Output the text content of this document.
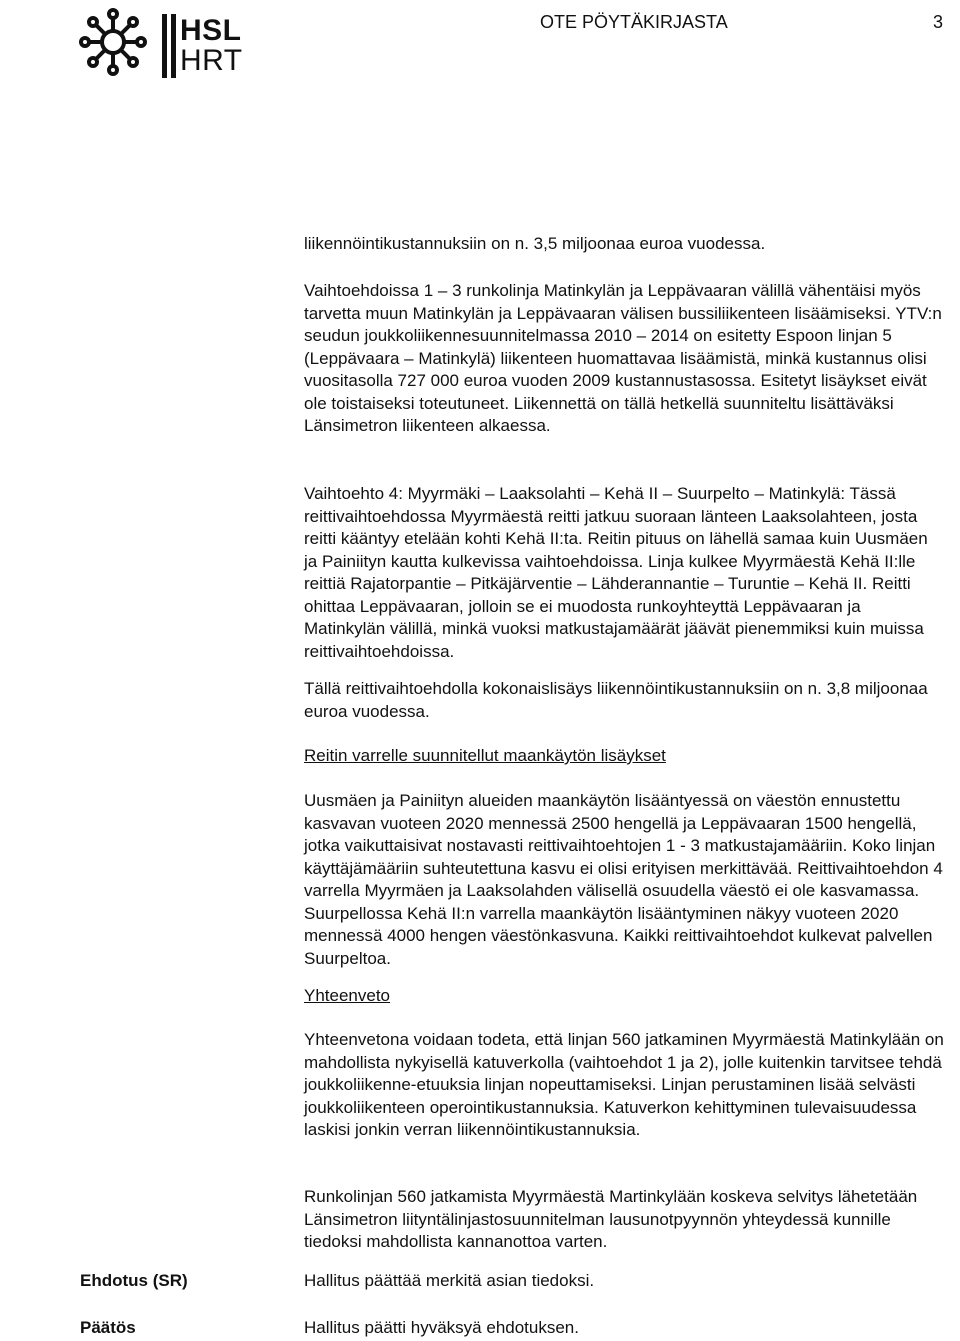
HSL
HRT
OTE PÖYTÄKIRJASTA	3

liikennöintikustannuksiin on n. 3,5 miljoonaa euroa vuodessa.

Vaihtoehdoissa 1 – 3 runkolinja Matinkylän ja Leppävaaran välillä vähentäisi myös tarvetta muun Matinkylän ja Leppävaaran välisen bussiliikenteen lisäämiseksi. YTV:n seudun joukkoliikennesuunnitelmassa 2010 – 2014 on esitetty Espoon linjan 5 (Leppävaara – Matinkylä) liikenteen huomattavaa lisäämistä, minkä kustannus olisi vuositasolla 727 000 euroa vuoden 2009 kustannustasossa. Esitetyt lisäykset eivät ole toistaiseksi toteutuneet. Liikennettä on tällä hetkellä suunniteltu lisättäväksi Länsimetron liikenteen alkaessa.

Vaihtoehto 4: Myyrmäki – Laaksolahti – Kehä II – Suurpelto – Matinkylä: Tässä reittivaihtoehdossa Myyrmäestä reitti jatkuu suoraan länteen Laaksolahteen, josta reitti kääntyy etelään kohti Kehä II:ta. Reitin pituus on lähellä samaa kuin Uusmäen ja Painiityn kautta kulkevissa vaihtoehdoissa. Linja kulkee Myyrmäestä Kehä II:lle reittiä Rajatorpantie – Pitkäjärventie – Lähderannantie – Turuntie – Kehä II. Reitti ohittaa Leppävaaran, jolloin se ei muodosta runkoyhteyttä Leppävaaran ja Matinkylän välillä, minkä vuoksi matkustajamäärät jäävät pienemmiksi kuin muissa reittivaihtoehdoissa.

Tällä reittivaihtoehdolla kokonaislisäys liikennöintikustannuksiin on n. 3,8 miljoonaa euroa vuodessa.

Reitin varrelle suunnitellut maankäytön lisäykset

Uusmäen ja Painiityn alueiden maankäytön lisääntyessä on väestön ennustettu kasvavan vuoteen 2020 mennessä 2500 hengellä ja Leppävaaran 1500 hengellä, jotka vaikuttaisivat nostavasti reittivaihtoehtojen 1 - 3 matkustajamääriin. Koko linjan käyttäjämääriin suhteutettuna kasvu ei olisi erityisen merkittävää. Reittivaihtoehdon 4 varrella Myyrmäen ja Laaksolahden välisellä osuudella väestö ei ole kasvamassa. Suurpellossa Kehä II:n varrella maankäytön lisääntyminen näkyy vuoteen 2020 mennessä 4000 hengen väestönkasvuna. Kaikki reittivaihtoehdot kulkevat palvellen Suurpeltoa.

Yhteenveto

Yhteenvetona voidaan todeta, että linjan 560 jatkaminen Myyrmäestä Matinkylään on mahdollista nykyisellä katuverkolla (vaihtoehdot 1 ja 2), jolle kuitenkin tarvitsee tehdä joukkoliikenne-etuuksia linjan nopeuttamiseksi. Linjan perustaminen lisää selvästi joukkoliikenteen operointikustannuksia. Katuverkon kehittyminen tulevaisuudessa laskisi jonkin verran liikennöintikustannuksia.

Runkolinjan 560 jatkamista Myyrmäestä Martinkylään koskeva selvitys lähetetään Länsimetron liityntälinjastosuunnitelman lausunotpyynnön yhteydessä kunnille tiedoksi mahdollista kannanottoa varten.

Ehdotus (SR)	Hallitus päättää merkitä asian tiedoksi.
Päätös	Hallitus päätti hyväksyä ehdotuksen.
